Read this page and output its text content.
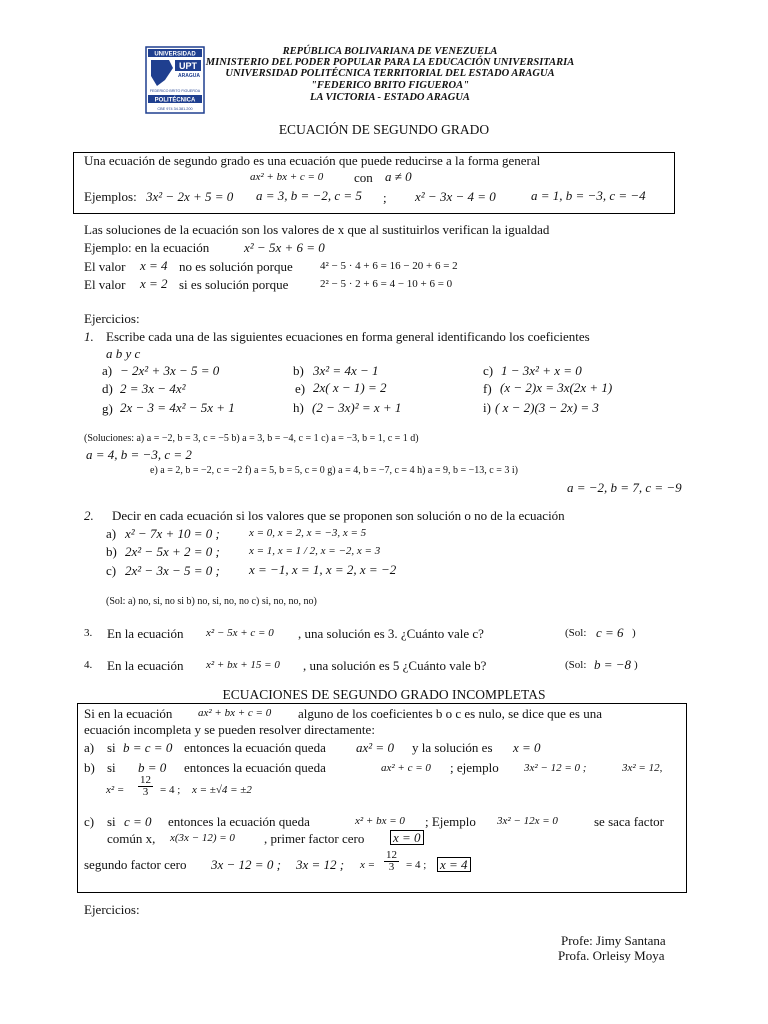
UNIVERSIDAD
UPT
ARAGUA
FEDERICO BRITO FIGUEROA
POLITÉCNICA
CBE 974 34.381.200
REPÚBLICA BOLIVARIANA DE VENEZUELA
MINISTERIO DEL PODER POPULAR PARA LA EDUCACIÓN UNIVERSITARIA
UNIVERSIDAD POLITÉCNICA TERRITORIAL DEL ESTADO ARAGUA
"FEDERICO BRITO FIGUEROA"
LA VICTORIA - ESTADO ARAGUA
ECUACIÓN DE SEGUNDO GRADO
Una ecuación de segundo grado es una ecuación que puede reducirse a la forma general
ax² + bx + c = 0 con a ≠ 0
Ejemplos: 3x² − 2x + 5 = 0 a = 3, b = −2, c = 5 ; x² − 3x − 4 = 0	a = 1, b = −3, c = −4
Las soluciones de la ecuación son los valores de x que al sustituirlos verifican la igualdad
Ejemplo: en la ecuación	x² − 5x + 6 = 0
El valor x = 4 no es solución porque 4² − 5 · 4 + 6 = 16 − 20 + 6 = 2
El valor x = 2 si es solución porque	2² − 5 · 2 + 6 = 4 − 10 + 6 = 0
Ejercicios:
1. Escribe cada una de las siguientes ecuaciones en forma general identificando los coeficientes
a b y c
a) − 2x² + 3x − 5 = 0	b) 3x² = 4x − 1	c) 1 − 3x² + x = 0
d) 2 = 3x − 4x²	e) 2x( x − 1) = 2	f) (x − 2)x = 3x(2x + 1)
g) 2x − 3 = 4x² − 5x + 1	h) (2 − 3x)² = x + 1	i) ( x − 2)(3 − 2x) = 3
(Soluciones: a) a = −2, b = 3, c = −5 b) a = 3, b = −4, c = 1 c) a = −3, b = 1, c = 1 d)
a = 4, b = −3, c = 2
e) a = 2, b = −2, c = −2 f) a = 5, b = 5, c = 0 g) a = 4, b = −7, c = 4 h) a = 9, b = −13, c = 3 i)
a = −2, b = 7, c = −9
2. Decir en cada ecuación si los valores que se proponen son solución o no de la ecuación
a) x² − 7x + 10 = 0 ;	x = 0, x = 2, x = −3, x = 5
b) 2x² − 5x + 2 = 0 ;	x = 1, x = 1 / 2, x = −2, x = 3
c) 2x² − 3x − 5 = 0 ; x = −1, x = 1, x = 2, x = −2
(Sol: a) no, si, no si b) no, si, no, no c) si, no, no, no)
3. En la ecuación x² − 5x + c = 0 , una solución es 3. ¿Cuánto vale c?	(Sol: c = 6 )
4. En la ecuación x² + bx + 15 = 0 , una solución es 5 ¿Cuánto vale b?	(Sol: b = −8 )
ECUACIONES DE SEGUNDO GRADO INCOMPLETAS
Si en la ecuación ax² + bx + c = 0 alguno de los coeficientes b o c es nulo, se dice que es una
ecuación incompleta y se pueden resolver directamente:
a) si b = c = 0 entonces la ecuación queda ax² = 0 y la solución es x = 0
b) si b = 0 entonces la ecuación queda	ax² + c = 0 ; ejemplo 3x² − 12 = 0 ;	3x² = 12,
$x^2 = \frac{12}{3} = 4$ ; x = ±√4 = ±2
c) si c = 0 entonces la ecuación queda	x² + bx = 0 ; Ejemplo 3x² − 12x = 0	se saca factor
común x, x(3x − 12) = 0 , primer factor cero x = 0
segundo factor cero 3x − 12 = 0 ; 3x = 12 ; $x = \frac{12}{3} = 4$ ; x = 4
Ejercicios:
Profe: Jimy Santana
Profa. Orleisy Moya
